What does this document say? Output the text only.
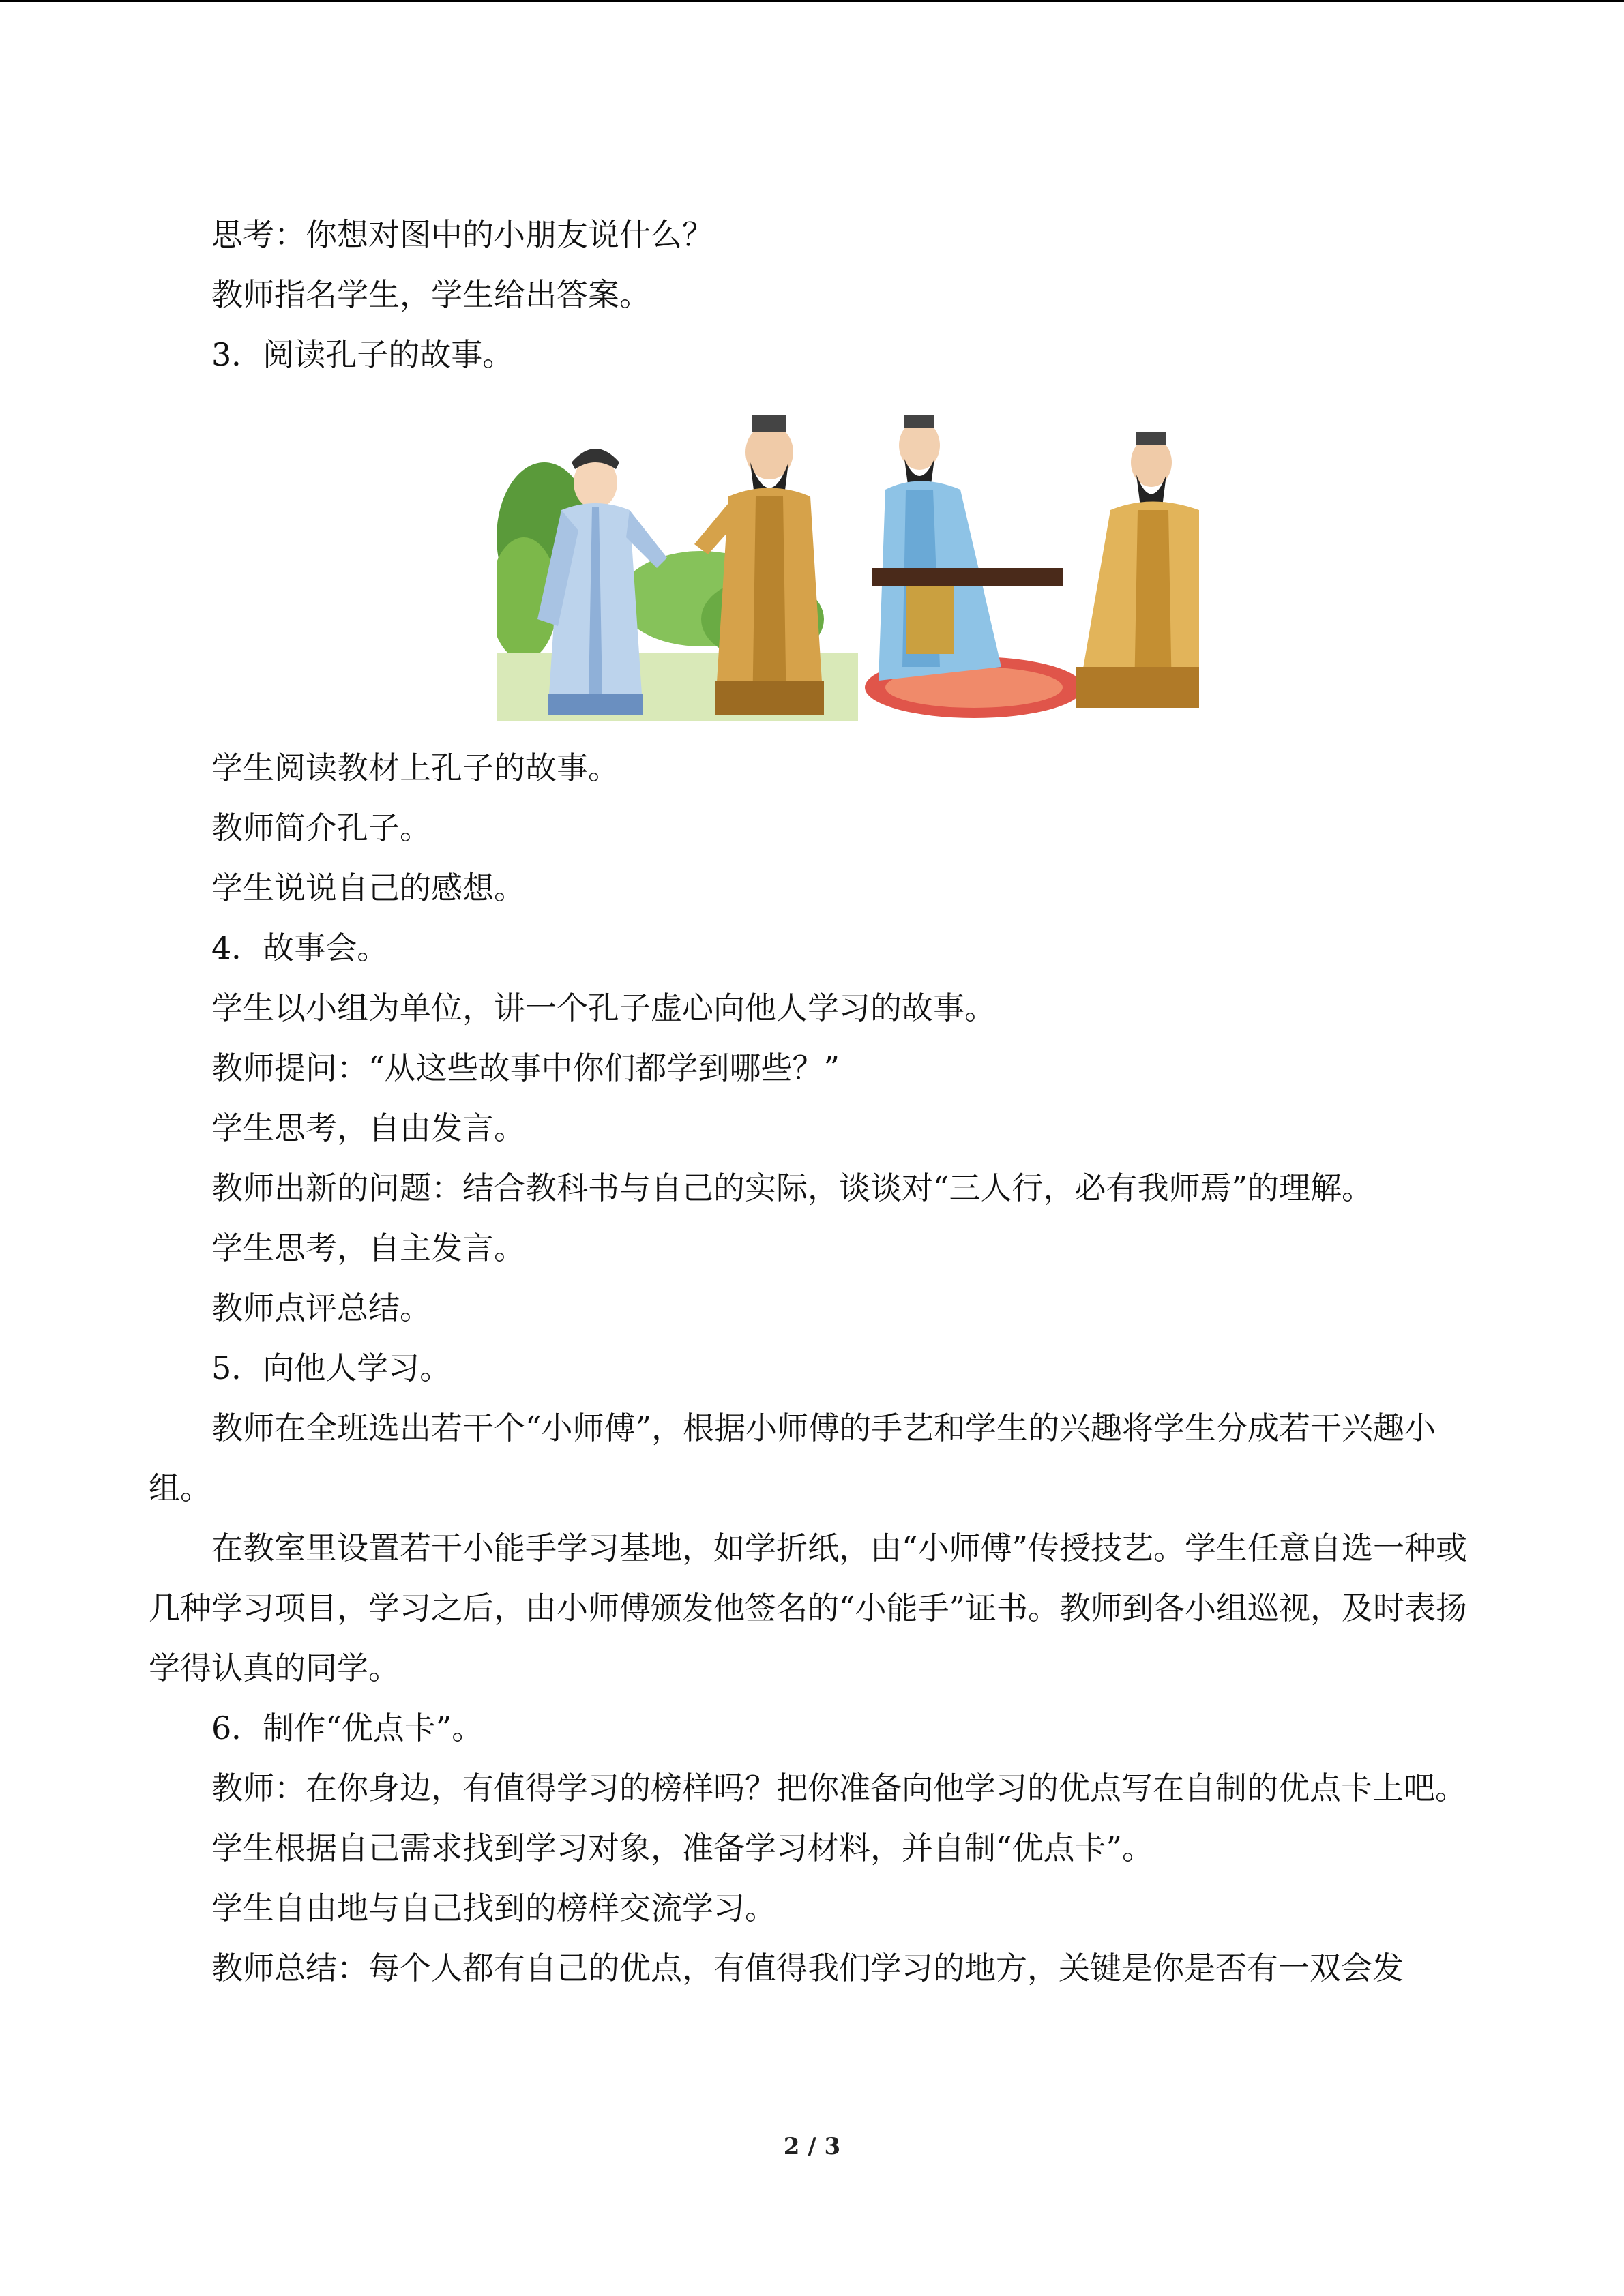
思考：你想对图中的小朋友说什么？

教师指名学生，学生给出答案。

3．阅读孔子的故事。

学生阅读教材上孔子的故事。

教师简介孔子。

学生说说自己的感想。

4．故事会。

学生以小组为单位，讲一个孔子虚心向他人学习的故事。

教师提问：“从这些故事中你们都学到哪些？”

学生思考，自由发言。

教师出新的问题：结合教科书与自己的实际，谈谈对“三人行，必有我师焉”的理解。

学生思考，自主发言。

教师点评总结。

5．向他人学习。

教师在全班选出若干个“小师傅”，根据小师傅的手艺和学生的兴趣将学生分成若干兴趣小组。

在教室里设置若干小能手学习基地，如学折纸，由“小师傅”传授技艺。学生任意自选一种或几种学习项目，学习之后，由小师傅颁发他签名的“小能手”证书。教师到各小组巡视，及时表扬学得认真的同学。

6．制作“优点卡”。

教师：在你身边，有值得学习的榜样吗？把你准备向他学习的优点写在自制的优点卡上吧。

学生根据自己需求找到学习对象，准备学习材料，并自制“优点卡”。

学生自由地与自己找到的榜样交流学习。

教师总结：每个人都有自己的优点，有值得我们学习的地方，关键是你是否有一双会发

2 / 3
